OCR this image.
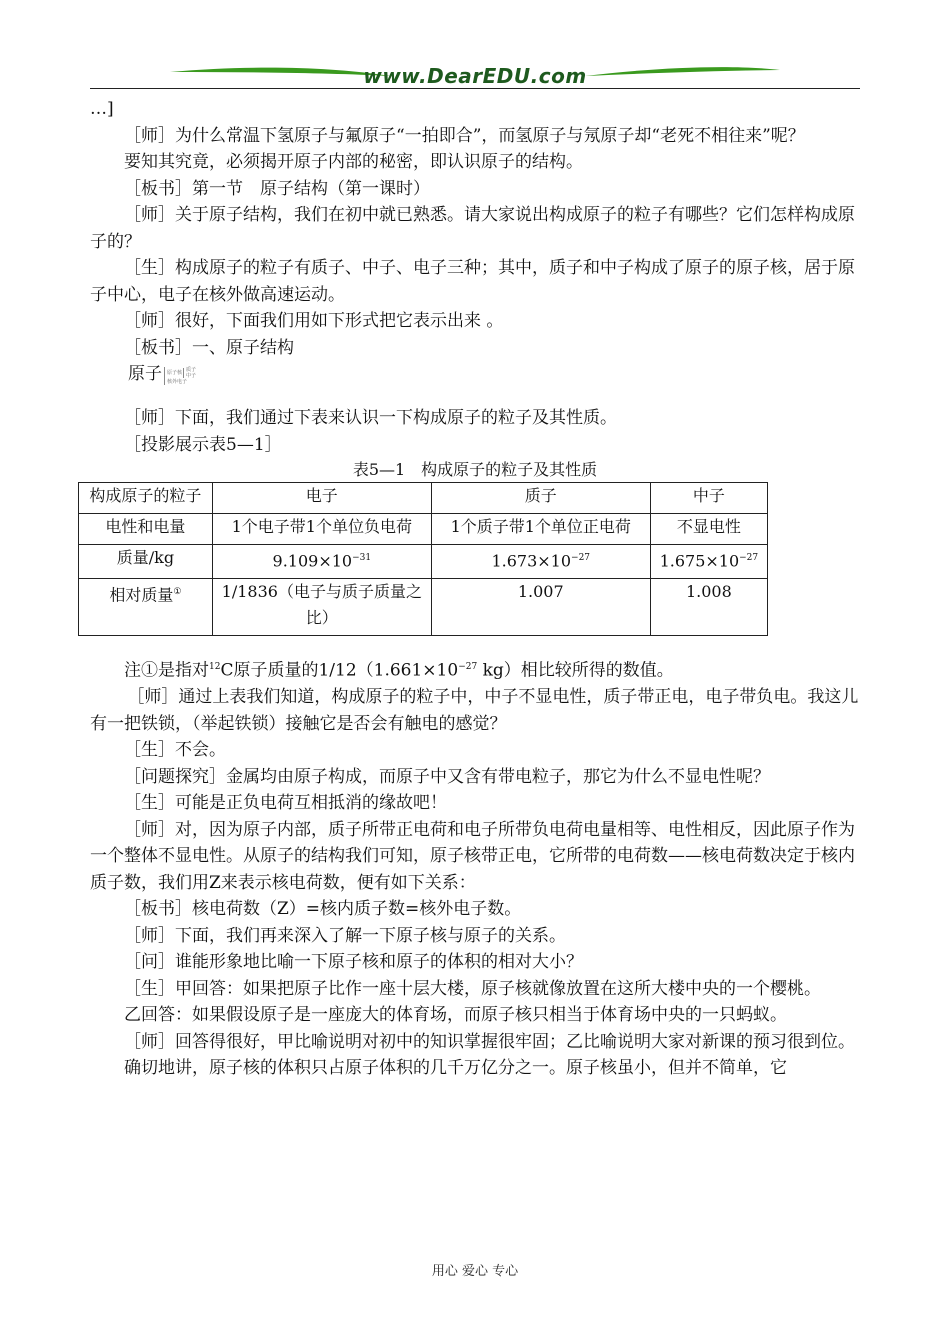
www.DearEDU.com

…]

［师］为什么常温下氢原子与氟原子“一拍即合”，而氢原子与氖原子却“老死不相往来”呢？

要知其究竟，必须揭开原子内部的秘密，即认识原子的结构。

［板书］第一节　原子结构（第一课时）

［师］关于原子结构，我们在初中就已熟悉。请大家说出构成原子的粒子有哪些？它们怎样构成原子的？

［生］构成原子的粒子有质子、中子、电子三种；其中，质子和中子构成了原子的原子核，居于原子中心，电子在核外做高速运动。

［师］很好，下面我们用如下形式把它表示出来 。

［板书］一、原子结构

原子 原子核 质子
中子
核外电子

［师］下面，我们通过下表来认识一下构成原子的粒子及其性质。

［投影展示表5—1］

表5—1　构成原子的粒子及其性质

构成原子的粒子	电子	质子	中子
电性和电量	1个电子带1个单位负电荷	1个质子带1个单位正电荷	不显电性
质量/kg	$9.109\times 10^{-31}$	$1.673\times 10^{-27}$	$1.675\times 10^{-27}$
相对质量①	1/1836（电子与质子质量之比）	1.007	1.008

注①是指对$^{12}$C原子质量的$1/12(1.661\times 10^{-27}$ kg）相比较所得的数值。

［师］通过上表我们知道，构成原子的粒子中，中子不显电性，质子带正电，电子带负电。我这儿有一把铁锁，（举起铁锁）接触它是否会有触电的感觉？

［生］不会。

［问题探究］金属均由原子构成，而原子中又含有带电粒子，那它为什么不显电性呢？

［生］可能是正负电荷互相抵消的缘故吧！

［师］对，因为原子内部，质子所带正电荷和电子所带负电荷电量相等、电性相反，因此原子作为一个整体不显电性。从原子的结构我们可知，原子核带正电，它所带的电荷数——核电荷数决定于核内质子数，我们用Z来表示核电荷数，便有如下关系：

［板书］核电荷数（Z）=核内质子数=核外电子数。

［师］下面，我们再来深入了解一下原子核与原子的关系。

［问］谁能形象地比喻一下原子核和原子的体积的相对大小？

［生］甲回答：如果把原子比作一座十层大楼，原子核就像放置在这所大楼中央的一个樱桃。

乙回答：如果假设原子是一座庞大的体育场，而原子核只相当于体育场中央的一只蚂蚁。

［师］回答得很好，甲比喻说明对初中的知识掌握很牢固；乙比喻说明大家对新课的预习很到位。

确切地讲，原子核的体积只占原子体积的几千万亿分之一。原子核虽小，但并不简单，它

用心 爱心 专心
